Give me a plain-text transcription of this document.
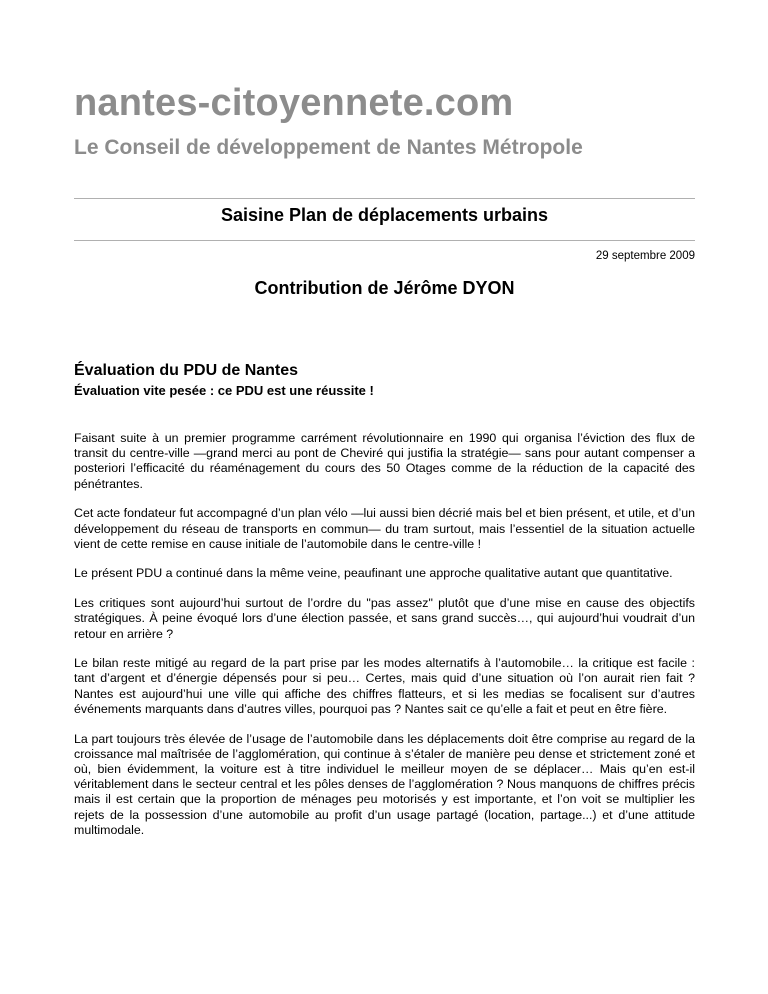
nantes-citoyennete.com
Le Conseil de développement de Nantes Métropole
Saisine Plan de déplacements urbains
29 septembre 2009
Contribution de Jérôme DYON
Évaluation du PDU de Nantes
Évaluation vite pesée : ce PDU est une réussite !

Faisant suite à un premier programme carrément révolutionnaire en 1990 qui organisa l’éviction des flux de transit du centre-ville —grand merci au pont de Cheviré qui justifia la stratégie— sans pour autant compenser a posteriori l’efficacité du réaménagement du cours des 50 Otages comme de la réduction de la capacité des pénétrantes.

Cet acte fondateur fut accompagné d’un plan vélo —lui aussi bien décrié mais bel et bien présent, et utile, et d’un développement du réseau de transports en commun— du tram surtout, mais l’essentiel de la situation actuelle vient de cette remise en cause initiale de l’automobile dans le centre-ville !

Le présent PDU a continué dans la même veine, peaufinant une approche qualitative autant que quantitative.

Les critiques sont aujourd’hui surtout de l’ordre du "pas assez" plutôt que d’une mise en cause des objectifs stratégiques. À peine évoqué lors d’une élection passée, et sans grand succès…, qui aujourd’hui voudrait d’un retour en arrière ?

Le bilan reste mitigé au regard de la part prise par les modes alternatifs à l’automobile… la critique est facile : tant d’argent et d’énergie dépensés pour si peu… Certes, mais quid d’une situation où l’on aurait rien fait ? Nantes est aujourd’hui une ville qui affiche des chiffres flatteurs, et si les medias se focalisent sur d’autres événements marquants dans d’autres villes, pourquoi pas ? Nantes sait ce qu’elle a fait et peut en être fière.

La part toujours très élevée de l’usage de l’automobile dans les déplacements doit être comprise au regard de la croissance mal maîtrisée de l’agglomération, qui continue à s’étaler de manière peu dense et strictement zoné et où, bien évidemment, la voiture est à titre individuel le meilleur moyen de se déplacer… Mais qu’en est-il véritablement dans le secteur central et les pôles denses de l’agglomération ? Nous manquons de chiffres précis mais il est certain que la proportion de ménages peu motorisés y est importante, et l’on voit se multiplier les rejets de la possession d’une automobile au profit d’un usage partagé (location, partage...) et d’une attitude multimodale.
